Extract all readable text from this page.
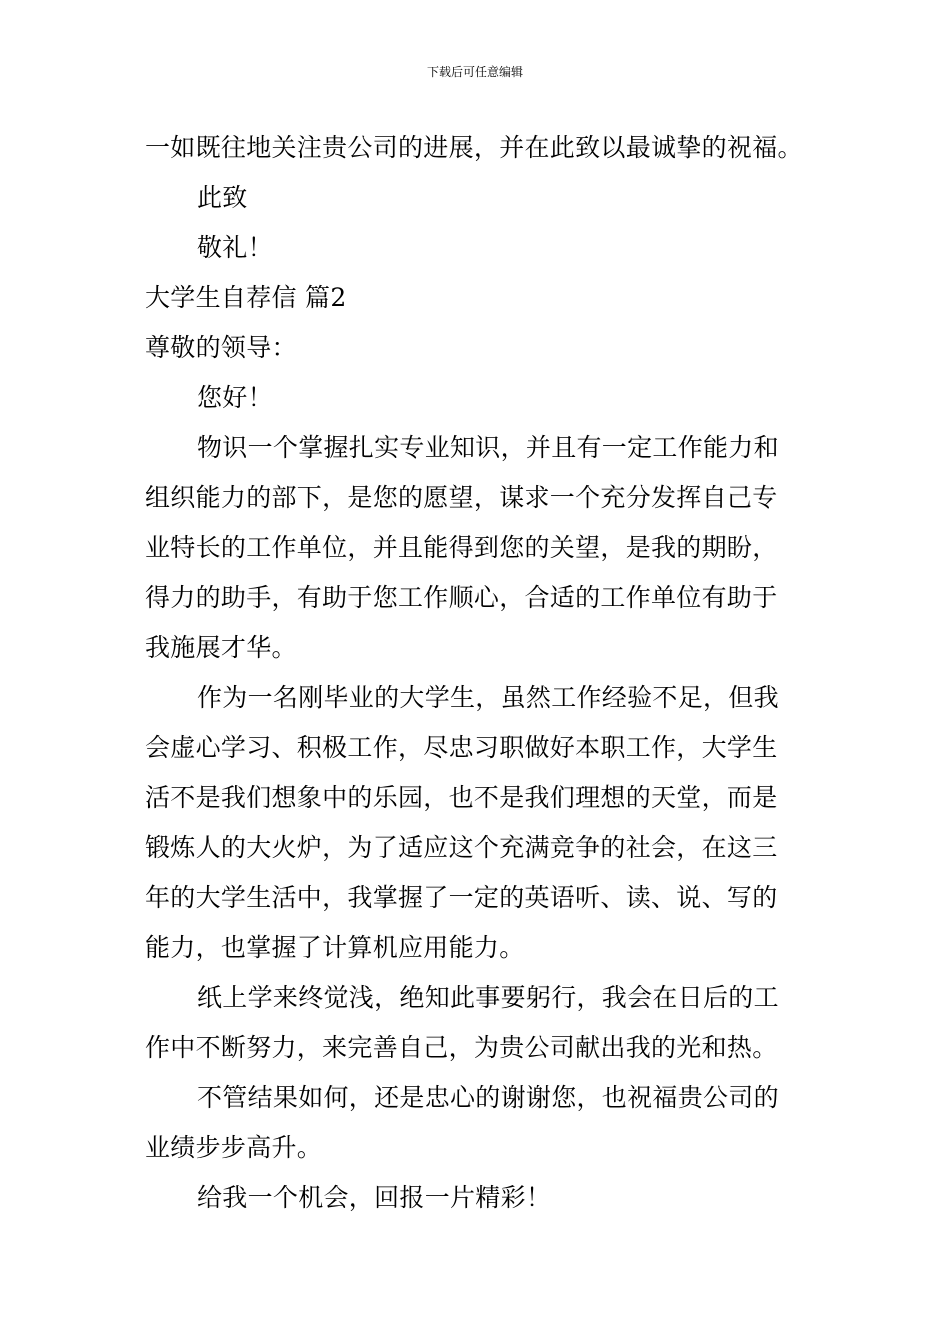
下载后可任意编辑
一如既往地关注贵公司的进展，并在此致以最诚挚的祝福。
此致
敬礼！
大学生自荐信 篇2
尊敬的领导：
您好！
物识一个掌握扎实专业知识，并且有一定工作能力和
组织能力的部下，是您的愿望，谋求一个充分发挥自己专
业特长的工作单位，并且能得到您的关望，是我的期盼，
得力的助手，有助于您工作顺心，合适的工作单位有助于
我施展才华。
作为一名刚毕业的大学生，虽然工作经验不足，但我
会虚心学习、积极工作，尽忠习职做好本职工作，大学生
活不是我们想象中的乐园，也不是我们理想的天堂，而是
锻炼人的大火炉，为了适应这个充满竞争的社会，在这三
年的大学生活中，我掌握了一定的英语听、读、说、写的
能力，也掌握了计算机应用能力。
纸上学来终觉浅，绝知此事要躬行，我会在日后的工
作中不断努力，来完善自己，为贵公司献出我的光和热。
不管结果如何，还是忠心的谢谢您，也祝福贵公司的
业绩步步高升。
给我一个机会，回报一片精彩！
